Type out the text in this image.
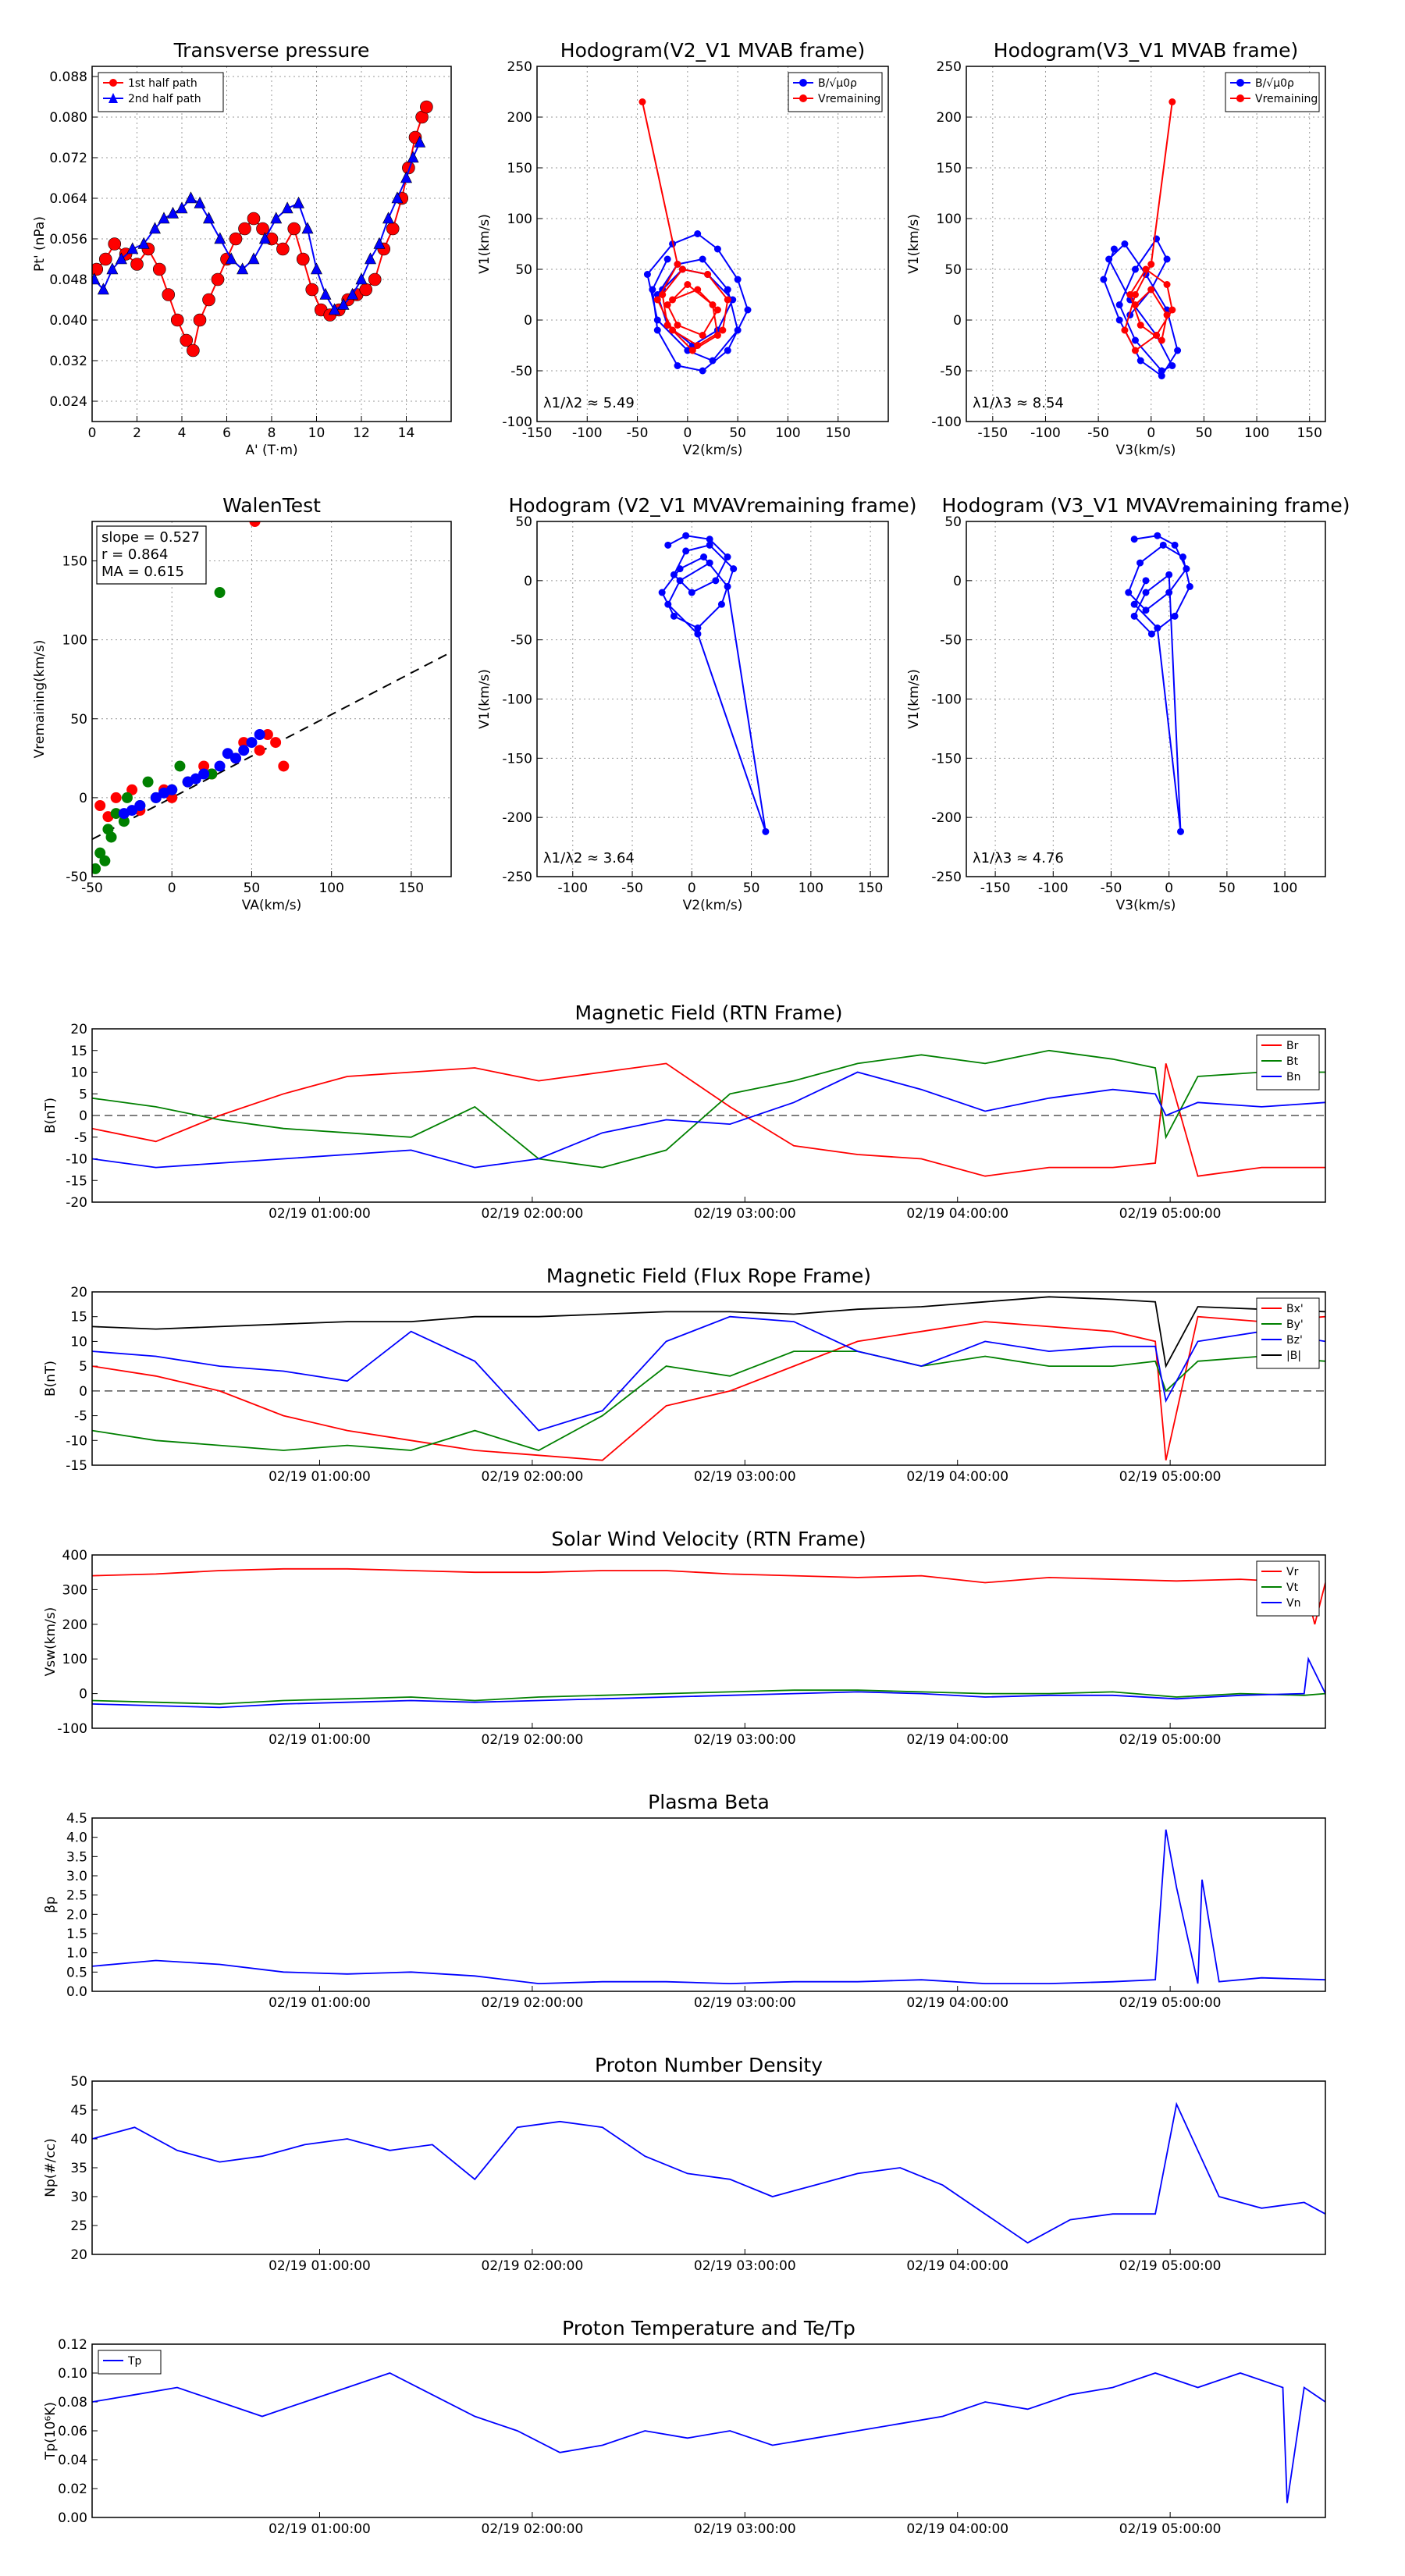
Transverse pressure
0	2	4	6	8 10 12 14
0.024
0.032
0.040
0.048
0.056
0.064
0.072
0.080
0.088
A' (T·m)
Pt' (nPa)
1st half path
2nd half path
Hodogram(V2_V1 MVAB frame)
-150 -100 -50	0	50 100 150
-100
-50
0
50
100
150
200
250
V2(km/s)
V1(km/s)
λ1/λ2 ≈ 5.49
B/√μ0ρ
Vremaining
Hodogram(V3_V1 MVAB frame)
-150 -100 -50	0	50 100 150
-100
-50
0
50
100
150
200
250
V3(km/s)
V1(km/s)
λ1/λ3 ≈ 8.54
B/√μ0ρ
Vremaining
WalenTest
-50	0	50	100	150
-50
0
50
100
150
VA(km/s)
Vremaining(km/s)
slope = 0.527
r = 0.864
MA = 0.615
Hodogram (V2_V1 MVAVremaining frame)
-100	-50	0	50	100	150
-250
-200
-150
-100
-50
0
50
V2(km/s)
V1(km/s)
λ1/λ2 ≈ 3.64
Hodogram (V3_V1 MVAVremaining frame)
-150 -100 -50	0	50	100
-250
-200
-150
-100
-50
0
50
V3(km/s)
V1(km/s)
λ1/λ3 ≈ 4.76
Magnetic Field (RTN Frame)
02/19 01:00:00	02/19 02:00:00	02/19 03:00:00	02/19 04:00:00	02/19 05:00:00
-20
-15
-10
-5
0
5
10
15
20
B(nT)
Br
Bt
Bn
Magnetic Field (Flux Rope Frame)
02/19 01:00:00	02/19 02:00:00	02/19 03:00:00	02/19 04:00:00	02/19 05:00:00
-15
-10
-5
0
5
10
15
20
B(nT)
Bx'
By'
Bz'
|B|
Solar Wind Velocity (RTN Frame)
02/19 01:00:00	02/19 02:00:00	02/19 03:00:00	02/19 04:00:00	02/19 05:00:00
-100
0
100
200
300
400
Vsw(km/s)
Vr
Vt
Vn
Plasma Beta
02/19 01:00:00	02/19 02:00:00	02/19 03:00:00	02/19 04:00:00	02/19 05:00:00
0.0
0.5
1.0
1.5
2.0
2.5
3.0
3.5
4.0
4.5
βp
Proton Number Density
02/19 01:00:00	02/19 02:00:00	02/19 03:00:00	02/19 04:00:00	02/19 05:00:00
20
25
30
35
40
45
50
Np(#/cc)
Proton Temperature and Te/Tp
02/19 01:00:00	02/19 02:00:00	02/19 03:00:00	02/19 04:00:00	02/19 05:00:00
0.00
0.02
0.04
0.06
0.08
0.10
0.12
Tp(10⁶K)
Tp
